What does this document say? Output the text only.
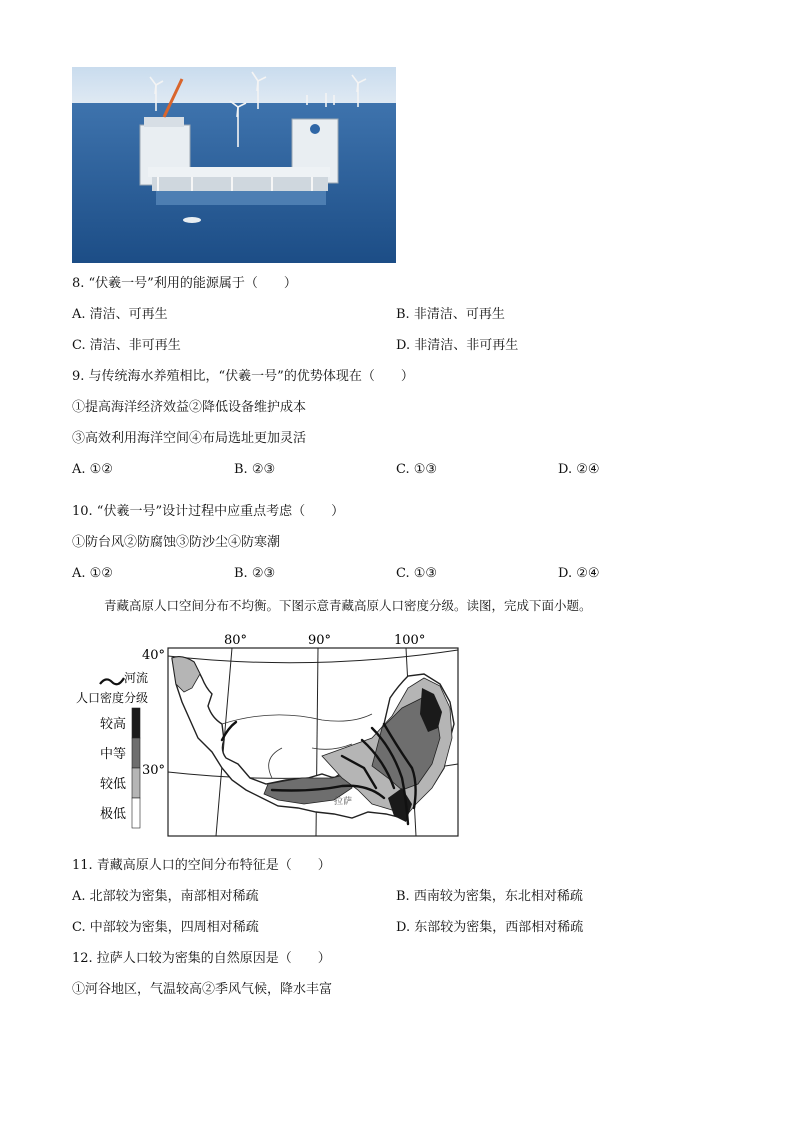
8. “伏羲一号”利用的能源属于（　　）
A. 清洁、可再生	B. 非清洁、可再生
C. 清洁、非可再生	D. 非清洁、非可再生
9. 与传统海水养殖相比，“伏羲一号”的优势体现在（　　）
①提高海洋经济效益②降低设备维护成本
③高效利用海洋空间④布局选址更加灵活
A. ①②	B. ②③	C. ①③	D. ②④
10. “伏羲一号”设计过程中应重点考虑（　　）
①防台风②防腐蚀③防沙尘④防寒潮
A. ①②	B. ②③	C. ①③	D. ②④
青藏高原人口空间分布不均衡。下图示意青藏高原人口密度分级。读图，完成下面小题。
80°	90°	100°
40°
30°
拉萨
河流
人口密度分级
较高
中等
较低
极低
11. 青藏高原人口的空间分布特征是（　　）
A. 北部较为密集，南部相对稀疏	B. 西南较为密集，东北相对稀疏
C. 中部较为密集，四周相对稀疏	D. 东部较为密集，西部相对稀疏
12. 拉萨人口较为密集的自然原因是（　　）
①河谷地区，气温较高②季风气候，降水丰富
